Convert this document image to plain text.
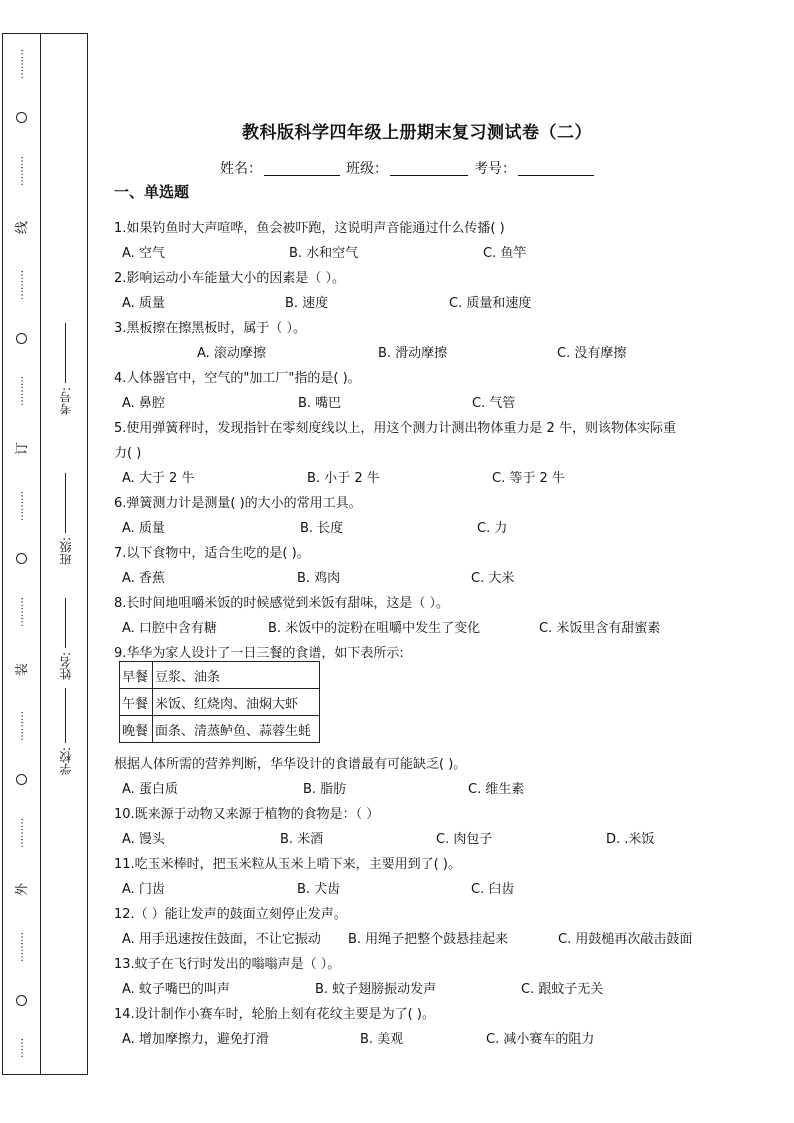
⋯⋯⋯
⋯⋯⋯
线
⋯⋯⋯
⋯⋯⋯
订
⋯⋯⋯
⋯⋯⋯
装
⋯⋯⋯
⋯⋯⋯
外
⋯⋯⋯
⋯⋯
考号:
班级:
姓名:
学校:
教科版科学四年级上册期末复习测试卷（二）
姓名：	班级：	考号：
一、单选题
1.如果钓鱼时大声喧哗，鱼会被吓跑，这说明声音能通过什么传播( )
A. 空气	B. 水和空气	C. 鱼竿
2.影响运动小车能量大小的因素是（ ）。
A. 质量	B. 速度	C. 质量和速度
3.黑板擦在擦黑板时，属于（ ）。
A. 滚动摩擦	B. 滑动摩擦	C. 没有摩擦
4.人体器官中，空气的"加工厂"指的是( )。
A. 鼻腔	B. 嘴巴	C. 气管
5.使用弹簧秤时，发现指针在零刻度线以上，用这个测力计测出物体重力是 2 牛，则该物体实际重
力( )
A. 大于 2 牛	B. 小于 2 牛	C. 等于 2 牛
6.弹簧测力计是测量( )的大小的常用工具。
A. 质量	B. 长度	C. 力
7.以下食物中，适合生吃的是( )。
A. 香蕉	B. 鸡肉	C. 大米
8.长时间地咀嚼米饭的时候感觉到米饭有甜味，这是（ ）。
A. 口腔中含有糖	B. 米饭中的淀粉在咀嚼中发生了变化	C. 米饭里含有甜蜜素
9.华华为家人设计了一日三餐的食谱，如下表所示:
早餐	豆浆、油条
午餐	米饭、红烧肉、油焖大虾
晚餐	面条、清蒸鲈鱼、蒜蓉生蚝
根据人体所需的营养判断，华华设计的食谱最有可能缺乏( )。
A. 蛋白质	B. 脂肪	C. 维生素
10.既来源于动物又来源于植物的食物是：（ ）
A. 馒头	B. 米酒	C. 肉包子	D. .米饭
11.吃玉米棒时，把玉米粒从玉米上啃下来，主要用到了( )。
A. 门齿	B. 犬齿	C. 臼齿
12.（ ）能让发声的鼓面立刻停止发声。
A. 用手迅速按住鼓面，不让它振动 B. 用绳子把整个鼓悬挂起来	C. 用鼓槌再次敲击鼓面
13.蚊子在飞行时发出的嗡嗡声是（ ）。
A. 蚊子嘴巴的叫声	B. 蚊子翅膀振动发声	C. 跟蚊子无关
14.设计制作小赛车时，轮胎上刻有花纹主要是为了( )。
A. 增加摩擦力，避免打滑	B. 美观	C. 减小赛车的阻力
